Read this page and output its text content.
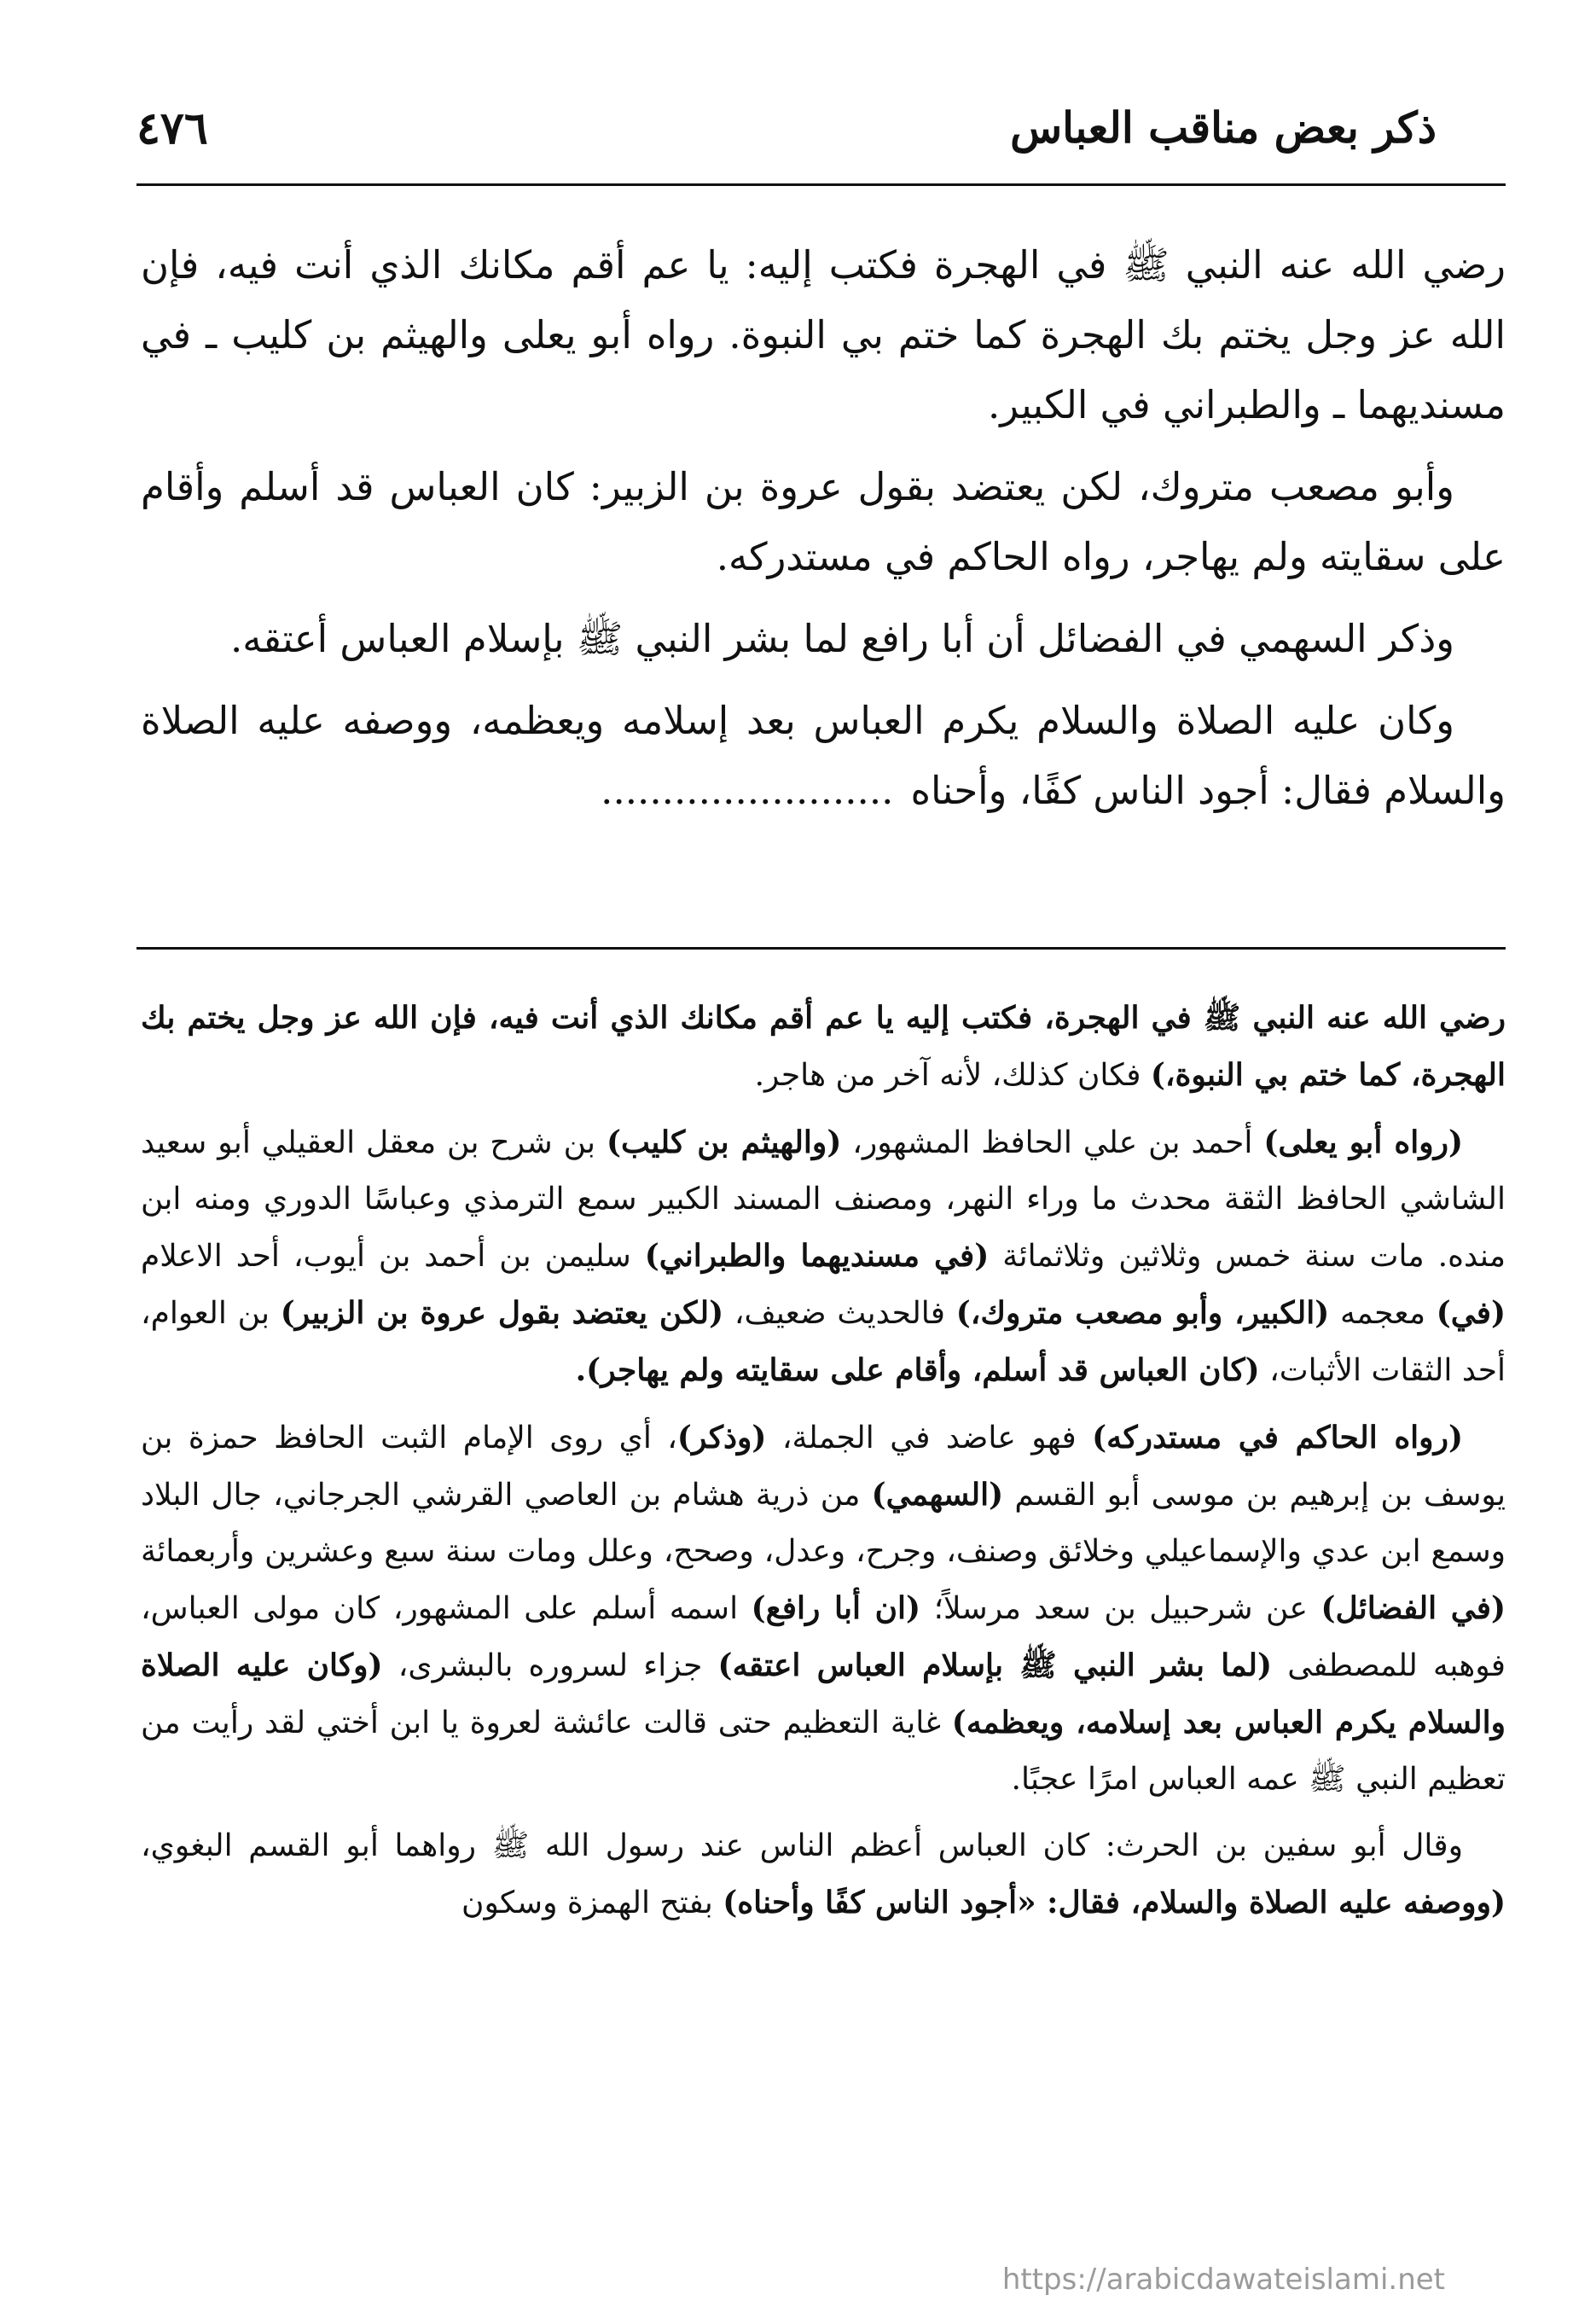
ذكر بعض مناقب العباس
٤٧٦

رضي الله عنه النبي ﷺ في الهجرة فكتب إليه: يا عم أقم مكانك الذي أنت فيه، فإن الله عز وجل يختم بك الهجرة كما ختم بي النبوة. رواه أبو يعلى والهيثم بن كليب ـ في مسنديهما ـ والطبراني في الكبير.

وأبو مصعب متروك، لكن يعتضد بقول عروة بن الزبير: كان العباس قد أسلم وأقام على سقايته ولم يهاجر، رواه الحاكم في مستدركه.

وذكر السهمي في الفضائل أن أبا رافع لما بشر النبي ﷺ بإسلام العباس أعتقه.

وكان عليه الصلاة والسلام يكرم العباس بعد إسلامه ويعظمه، ووصفه عليه الصلاة والسلام فقال: أجود الناس كفًا، وأحناه........................

رضي الله عنه النبي ﷺ في الهجرة، فكتب إليه يا عم أقم مكانك الذي أنت فيه، فإن الله عز وجل يختم بك الهجرة، كما ختم بي النبوة،) فكان كذلك، لأنه آخر من هاجر.

(رواه أبو يعلى) أحمد بن علي الحافظ المشهور، (والهيثم بن كليب) بن شرح بن معقل العقيلي أبو سعيد الشاشي الحافظ الثقة محدث ما وراء النهر، ومصنف المسند الكبير سمع الترمذي وعباسًا الدوري ومنه ابن منده. مات سنة خمس وثلاثين وثلاثمائة (في مسنديهما والطبراني) سليمن بن أحمد بن أيوب، أحد الاعلام (في) معجمه (الكبير، وأبو مصعب متروك،) فالحديث ضعيف، (لكن يعتضد بقول عروة بن الزبير) بن العوام، أحد الثقات الأثبات، (كان العباس قد أسلم، وأقام على سقايته ولم يهاجر).

(رواه الحاكم في مستدركه) فهو عاضد في الجملة، (وذكر)، أي روى الإمام الثبت الحافظ حمزة بن يوسف بن إبرهيم بن موسى أبو القسم (السهمي) من ذرية هشام بن العاصي القرشي الجرجاني، جال البلاد وسمع ابن عدي والإسماعيلي وخلائق وصنف، وجرح، وعدل، وصحح، وعلل ومات سنة سبع وعشرين وأربعمائة (في الفضائل) عن شرحبيل بن سعد مرسلاً؛ (ان أبا رافع) اسمه أسلم على المشهور، كان مولى العباس، فوهبه للمصطفى (لما بشر النبي ﷺ بإسلام العباس اعتقه) جزاء لسروره بالبشرى، (وكان عليه الصلاة والسلام يكرم العباس بعد إسلامه، ويعظمه) غاية التعظيم حتى قالت عائشة لعروة يا ابن أختي لقد رأيت من تعظيم النبي ﷺ عمه العباس امرًا عجبًا.

وقال أبو سفين بن الحرث: كان العباس أعظم الناس عند رسول الله ﷺ رواهما أبو القسم البغوي، (ووصفه عليه الصلاة والسلام، فقال: «أجود الناس كفًا وأحناه) بفتح الهمزة وسكون

https://arabicdawateislami.net
